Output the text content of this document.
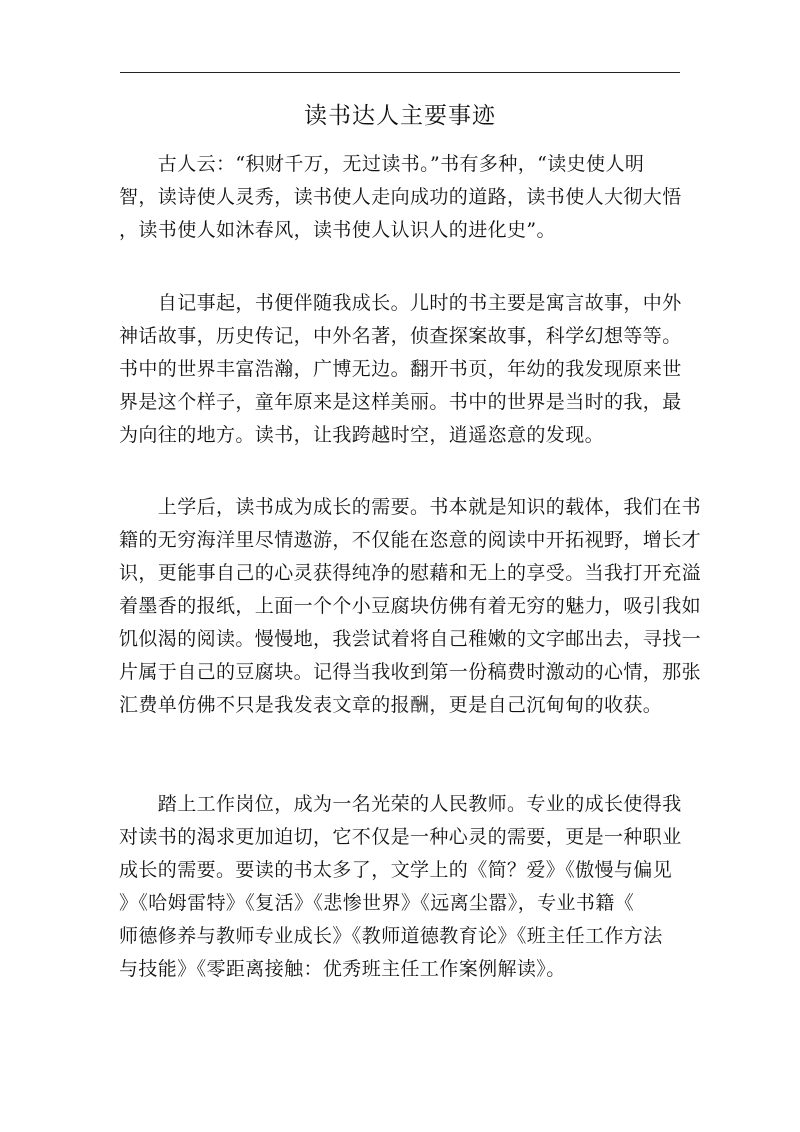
读书达人主要事迹

　　古人云：“积财千万，无过读书。”书有多种，“读史使人明
智，读诗使人灵秀，读书使人走向成功的道路，读书使人大彻大悟
，读书使人如沐春风，读书使人认识人的进化史”。

　　自记事起，书便伴随我成长。儿时的书主要是寓言故事，中外
神话故事，历史传记，中外名著，侦查探案故事，科学幻想等等。
书中的世界丰富浩瀚，广博无边。翻开书页，年幼的我发现原来世
界是这个样子，童年原来是这样美丽。书中的世界是当时的我，最
为向往的地方。读书，让我跨越时空，逍遥恣意的发现。

　　上学后，读书成为成长的需要。书本就是知识的载体，我们在书
籍的无穷海洋里尽情遨游，不仅能在恣意的阅读中开拓视野，增长才
识，更能事自己的心灵获得纯净的慰藉和无上的享受。当我打开充溢
着墨香的报纸，上面一个个小豆腐块仿佛有着无穷的魅力，吸引我如
饥似渴的阅读。慢慢地，我尝试着将自己稚嫩的文字邮出去，寻找一
片属于自己的豆腐块。记得当我收到第一份稿费时激动的心情，那张
汇费单仿佛不只是我发表文章的报酬，更是自己沉甸甸的收获。

　　踏上工作岗位，成为一名光荣的人民教师。专业的成长使得我
对读书的渴求更加迫切，它不仅是一种心灵的需要，更是一种职业
成长的需要。要读的书太多了，文学上的《简？爱》《傲慢与偏见
》《哈姆雷特》《复活》《悲惨世界》《远离尘嚣》，专业书籍《
师德修养与教师专业成长》《教师道德教育论》《班主任工作方法
与技能》《零距离接触：优秀班主任工作案例解读》。
